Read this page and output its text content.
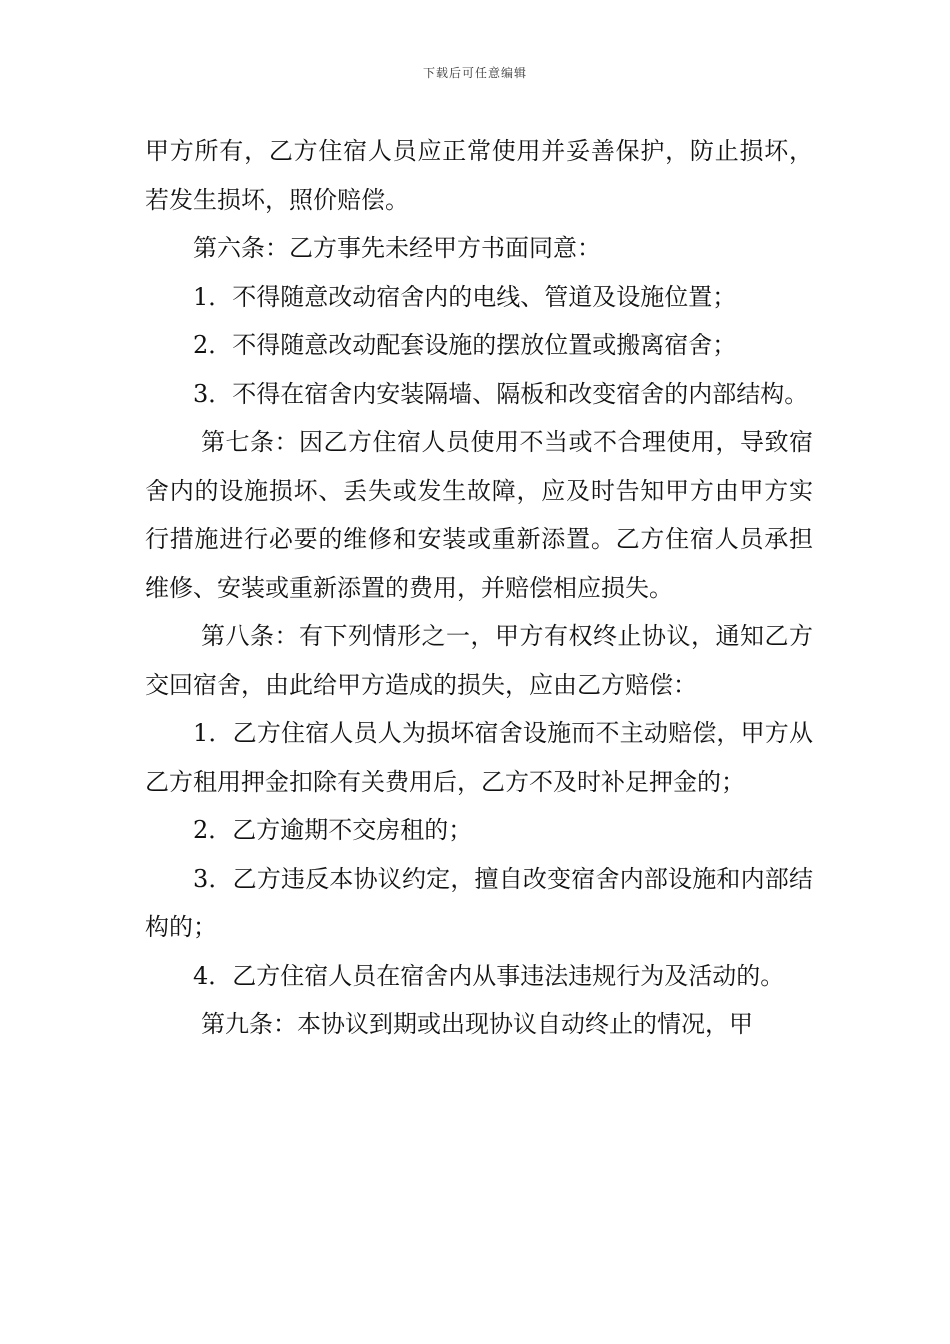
下载后可任意编辑

甲方所有，乙方住宿人员应正常使用并妥善保护，防止损坏，若发生损坏，照价赔偿。

第六条：乙方事先未经甲方书面同意：

1．不得随意改动宿舍内的电线、管道及设施位置；

2．不得随意改动配套设施的摆放位置或搬离宿舍；

3．不得在宿舍内安装隔墙、隔板和改变宿舍的内部结构。

第七条：因乙方住宿人员使用不当或不合理使用，导致宿舍内的设施损坏、丢失或发生故障，应及时告知甲方由甲方实行措施进行必要的维修和安装或重新添置。乙方住宿人员承担维修、安装或重新添置的费用，并赔偿相应损失。

第八条：有下列情形之一，甲方有权终止协议，通知乙方交回宿舍，由此给甲方造成的损失，应由乙方赔偿：

1．乙方住宿人员人为损坏宿舍设施而不主动赔偿，甲方从乙方租用押金扣除有关费用后，乙方不及时补足押金的；

2．乙方逾期不交房租的；

3．乙方违反本协议约定，擅自改变宿舍内部设施和内部结构的；

4．乙方住宿人员在宿舍内从事违法违规行为及活动的。

第九条：本协议到期或出现协议自动终止的情况，甲
